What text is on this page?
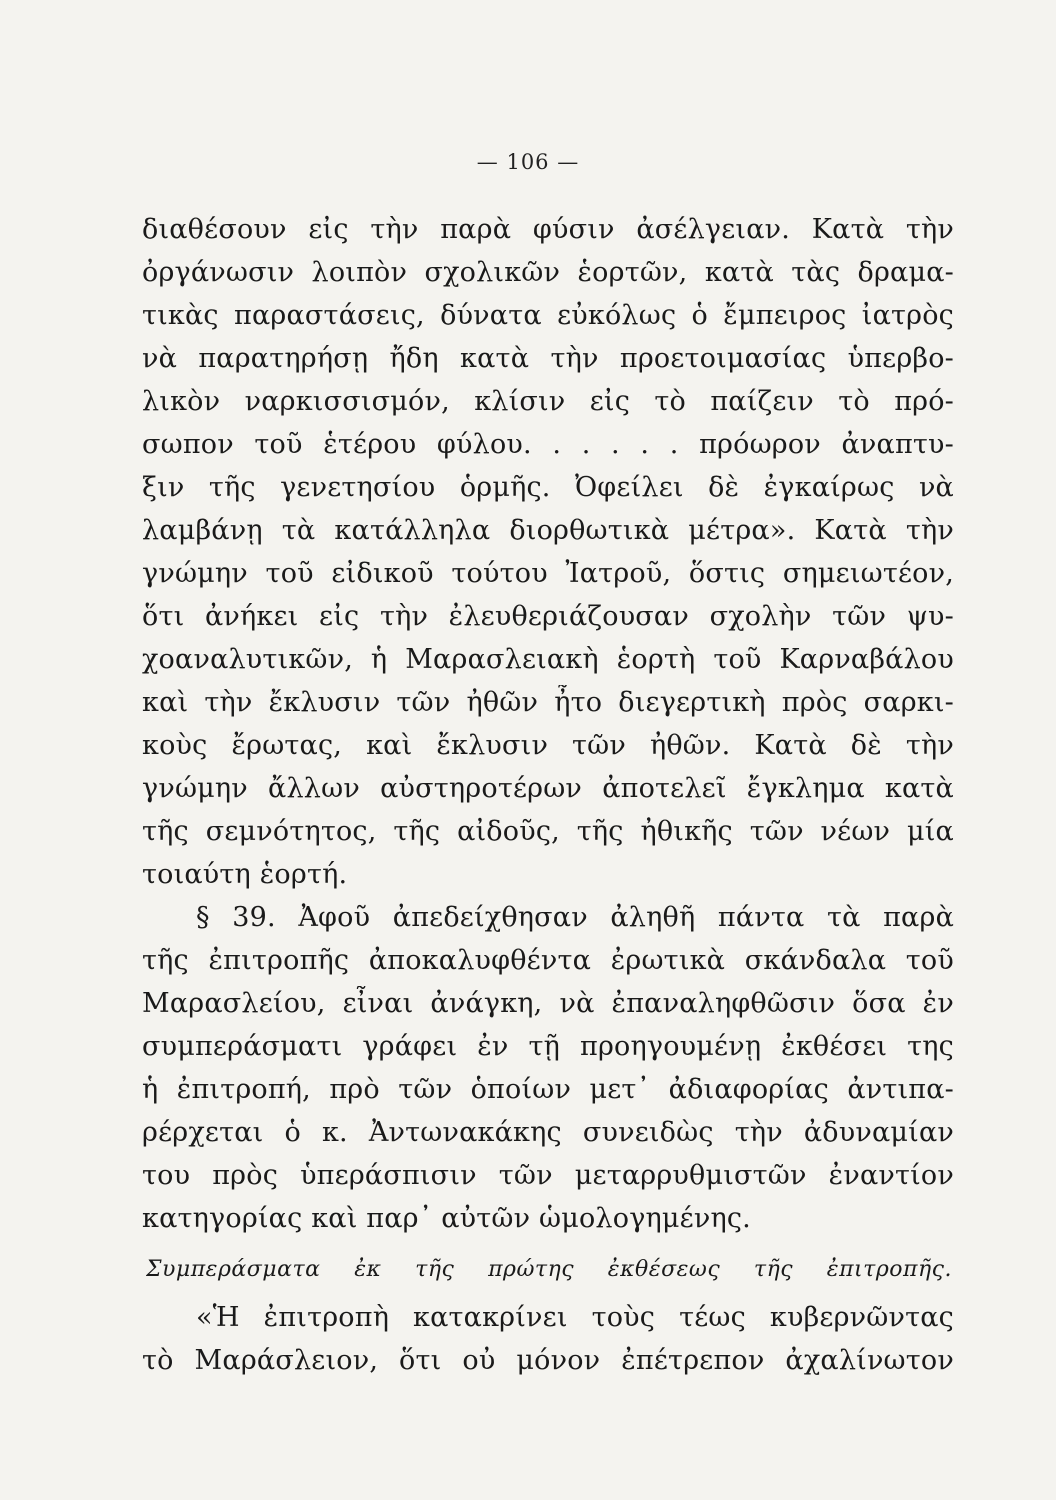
— 106 —
διαθέσουν εἰς τὴν παρὰ φύσιν ἀσέλγειαν. Κατὰ τὴν
ὀργάνωσιν λοιπὸν σχολικῶν ἑορτῶν, κατὰ τὰς δραμα-
τικὰς παραστάσεις, δύνατα εὐκόλως ὁ ἔμπειρος ἰατρὸς
νὰ παρατηρήσῃ ἤδη κατὰ τὴν προετοιμασίας ὑπερβο-
λικὸν ναρκισσισμόν, κλίσιν εἰς τὸ παίζειν τὸ πρό-
σωπον τοῦ ἑτέρου φύλου. . . . . . πρόωρον ἀναπτυ-
ξιν τῆς γενετησίου ὁρμῆς. Ὀφείλει δὲ ἐγκαίρως νὰ
λαμβάνῃ τὰ κατάλληλα διορθωτικὰ μέτρα». Κατὰ τὴν
γνώμην τοῦ εἰδικοῦ τούτου Ἰατροῦ, ὅστις σημειωτέον,
ὅτι ἀνήκει εἰς τὴν ἐλευθεριάζουσαν σχολὴν τῶν ψυ-
χοαναλυτικῶν, ἡ Μαρασλειακὴ ἑορτὴ τοῦ Καρναβάλου
καὶ τὴν ἔκλυσιν τῶν ἠθῶν ἦτο διεγερτικὴ πρὸς σαρκι-
κοὺς ἔρωτας, καὶ ἔκλυσιν τῶν ἠθῶν. Κατὰ δὲ τὴν
γνώμην ἄλλων αὐστηροτέρων ἀποτελεῖ ἔγκλημα κατὰ
τῆς σεμνότητος, τῆς αἰδοῦς, τῆς ἠθικῆς τῶν νέων μία
τοιαύτη ἑορτή.
§ 39. Ἀφοῦ ἀπεδείχθησαν ἀληθῆ πάντα τὰ παρὰ
τῆς ἐπιτροπῆς ἀποκαλυφθέντα ἐρωτικὰ σκάνδαλα τοῦ
Μαρασλείου, εἶναι ἀνάγκη, νὰ ἐπαναληφθῶσιν ὅσα ἐν
συμπεράσματι γράφει ἐν τῇ προηγουμένῃ ἐκθέσει της
ἡ ἐπιτροπή, πρὸ τῶν ὁποίων μετ᾽ ἀδιαφορίας ἀντιπα-
ρέρχεται ὁ κ. Ἀντωνακάκης συνειδὼς τὴν ἀδυναμίαν
του πρὸς ὑπεράσπισιν τῶν μεταρρυθμιστῶν ἐναντίον
κατηγορίας καὶ παρ᾽ αὐτῶν ὡμολογημένης.
Συμπεράσματα ἐκ τῆς πρώτης ἐκθέσεως τῆς ἐπιτροπῆς.
«Ἡ ἐπιτροπὴ καταкρίνει τοὺς τέως κυβερνῶντας
τὸ Μαράσλειον, ὅτι οὐ μόνον ἐπέτρεπον ἀχαλίνωτον
